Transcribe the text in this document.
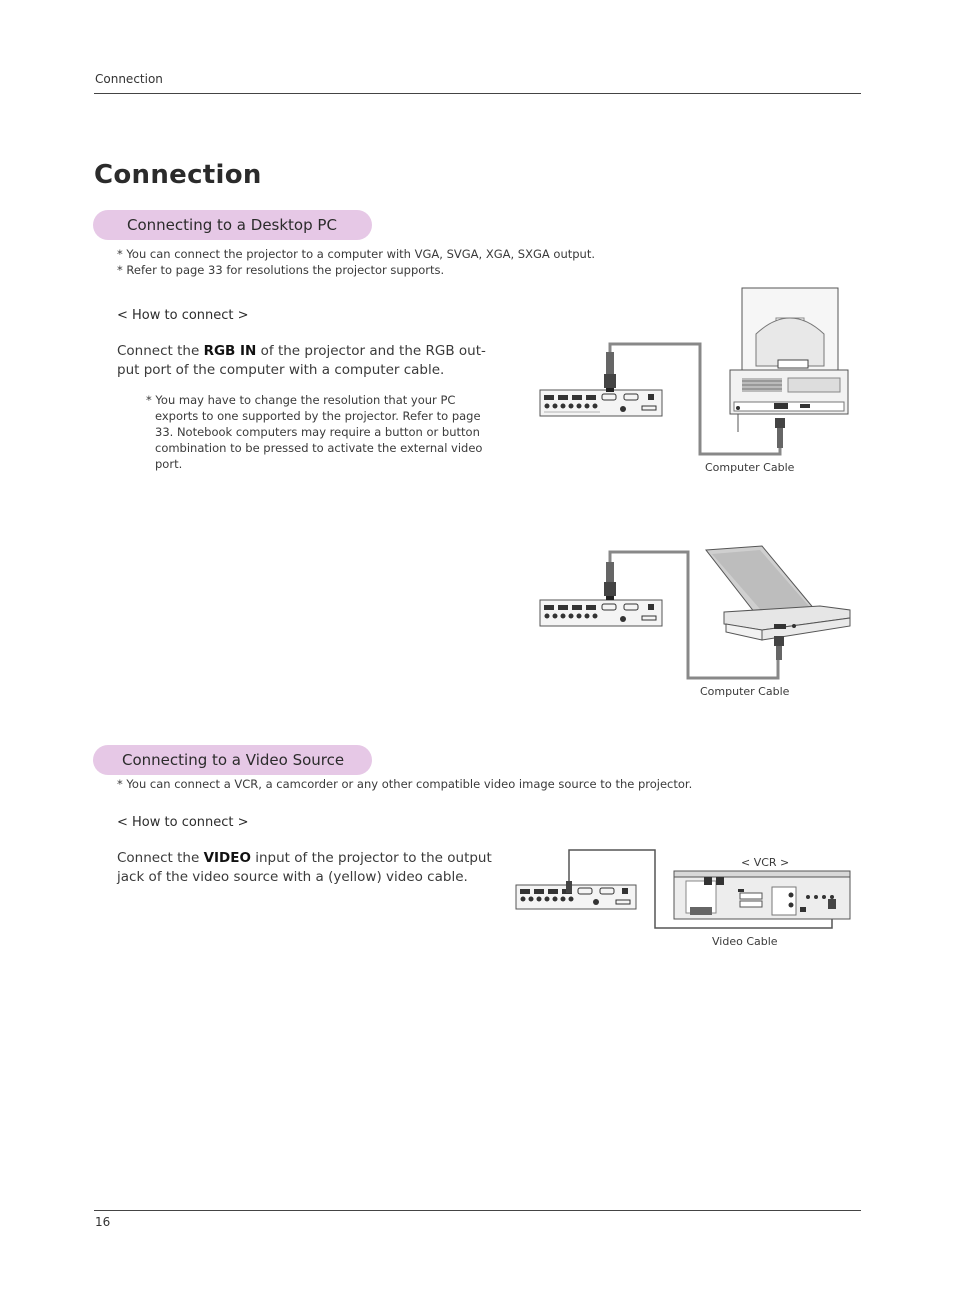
Connection
Connection
Connecting to a Desktop PC
* You can connect the projector to a computer with VGA, SVGA, XGA, SXGA output.
* Refer to page 33 for resolutions the projector supports.
< How to connect >
Connect the RGB IN of the projector and the RGB out-put port of the computer with a computer cable.
* You may have to change the resolution that your PC
exports to one supported by the projector. Refer to page
33. Notebook computers may require a button or button
combination to be pressed to activate the external video
port.	Computer Cable
Computer Cable
Connecting to a Video Source
* You can connect a VCR, a camcorder or any other compatible video image source to the projector.
< How to connect >
Connect the VIDEO input of the projector to the output jack of the video source with a (yellow) video cable.
< VCR >
Video Cable
16
